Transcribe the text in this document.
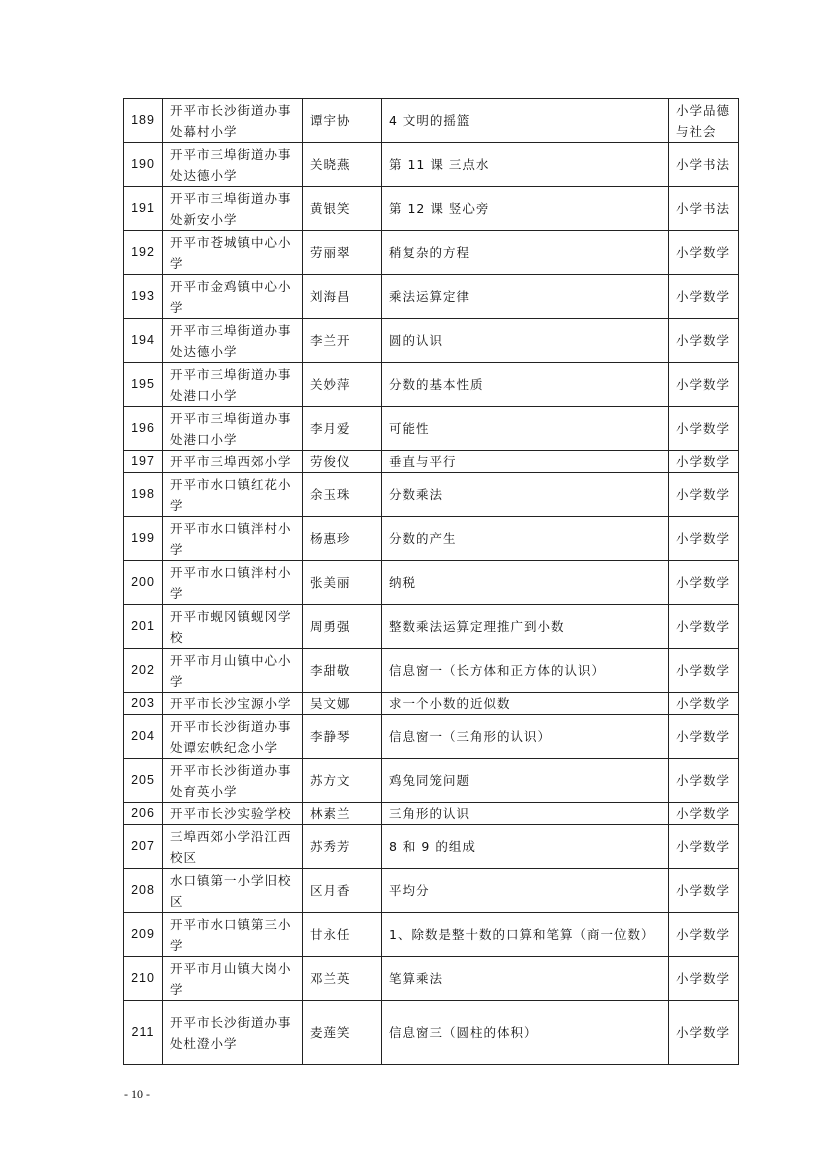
189	开平市长沙街道办事处幕村小学	谭宇协	4 文明的摇篮	小学品德与社会
190	开平市三埠街道办事处达德小学	关晓燕	第 11 课 三点水	小学书法
191	开平市三埠街道办事处新安小学	黄银笑	第 12 课 竖心旁	小学书法
192	开平市苍城镇中心小学	劳丽翠	稍复杂的方程	小学数学
193	开平市金鸡镇中心小学	刘海昌	乘法运算定律	小学数学
194	开平市三埠街道办事处达德小学	李兰开	圆的认识	小学数学
195	开平市三埠街道办事处港口小学	关妙萍	分数的基本性质	小学数学
196	开平市三埠街道办事处港口小学	李月爱	可能性	小学数学
197	开平市三埠西郊小学	劳俊仪	垂直与平行	小学数学
198	开平市水口镇红花小学	余玉珠	分数乘法	小学数学
199	开平市水口镇泮村小学	杨惠珍	分数的产生	小学数学
200	开平市水口镇泮村小学	张美丽	纳税	小学数学
201	开平市蚬冈镇蚬冈学校	周勇强	整数乘法运算定理推广到小数	小学数学
202	开平市月山镇中心小学	李甜敬	信息窗一（长方体和正方体的认识）	小学数学
203	开平市长沙宝源小学	吴文娜	求一个小数的近似数	小学数学
204	开平市长沙街道办事处谭宏帙纪念小学	李静琴	信息窗一（三角形的认识）	小学数学
205	开平市长沙街道办事处育英小学	苏方文	鸡兔同笼问题	小学数学
206	开平市长沙实验学校	林素兰	三角形的认识	小学数学
207	三埠西郊小学沿江西校区	苏秀芳	8 和 9 的组成	小学数学
208	水口镇第一小学旧校区	区月香	平均分	小学数学
209	开平市水口镇第三小学	甘永任	1、除数是整十数的口算和笔算（商一位数）	小学数学
210	开平市月山镇大岗小学	邓兰英	笔算乘法	小学数学
211	开平市长沙街道办事处杜澄小学	麦莲笑	信息窗三（圆柱的体积）	小学数学
- 10 -
